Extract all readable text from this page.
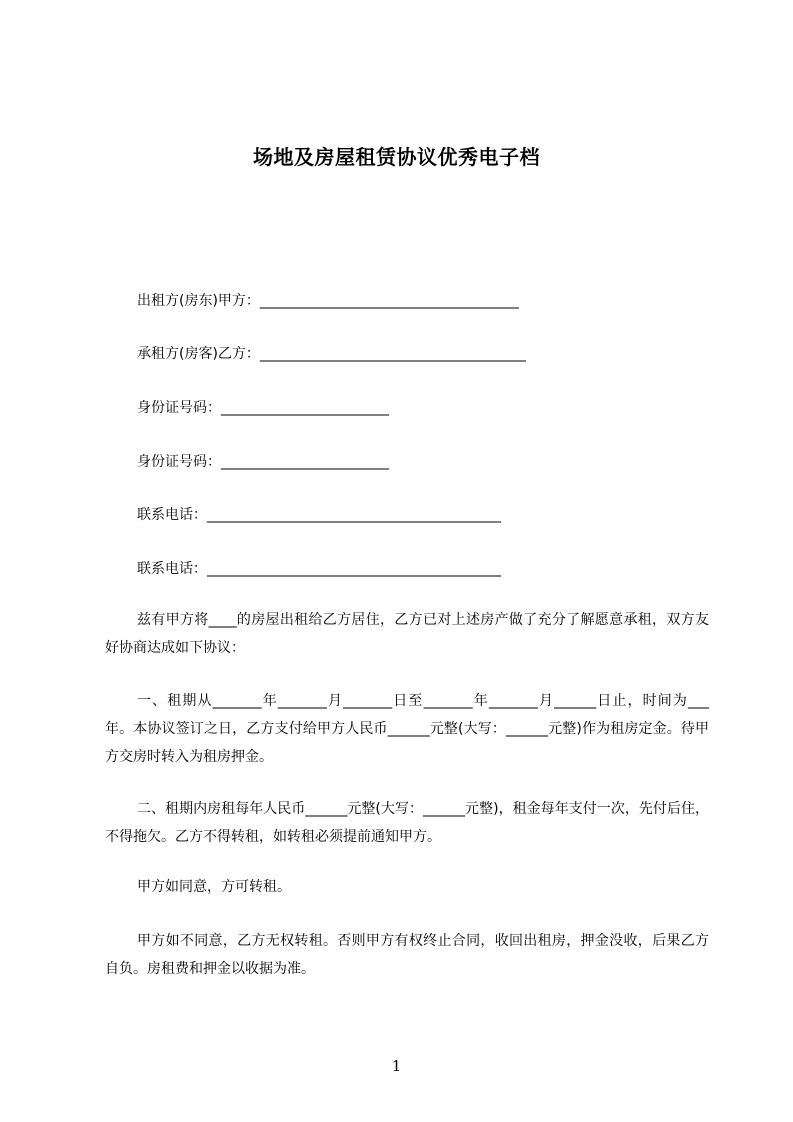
场地及房屋租赁协议优秀电子档
出租方(房东)甲方：_____________________________________
承租方(房客)乙方：______________________________________
身份证号码：________________________
身份证号码：________________________
联系电话：__________________________________________
联系电话：__________________________________________
兹有甲方将____的房屋出租给乙方居住，乙方已对上述房产做了充分了解愿意承租，双方友好协商达成如下协议：
一、租期从_______年_______月_______日至_______年_______月______日止，时间为___年。本协议签订之日，乙方支付给甲方人民币______元整(大写：______元整)作为租房定金。待甲方交房时转入为租房押金。
二、租期内房租每年人民币______元整(大写：______元整)，租金每年支付一次，先付后住，不得拖欠。乙方不得转租，如转租必须提前通知甲方。
甲方如同意，方可转租。
甲方如不同意，乙方无权转租。否则甲方有权终止合同，收回出租房，押金没收，后果乙方自负。房租费和押金以收据为准。
1
